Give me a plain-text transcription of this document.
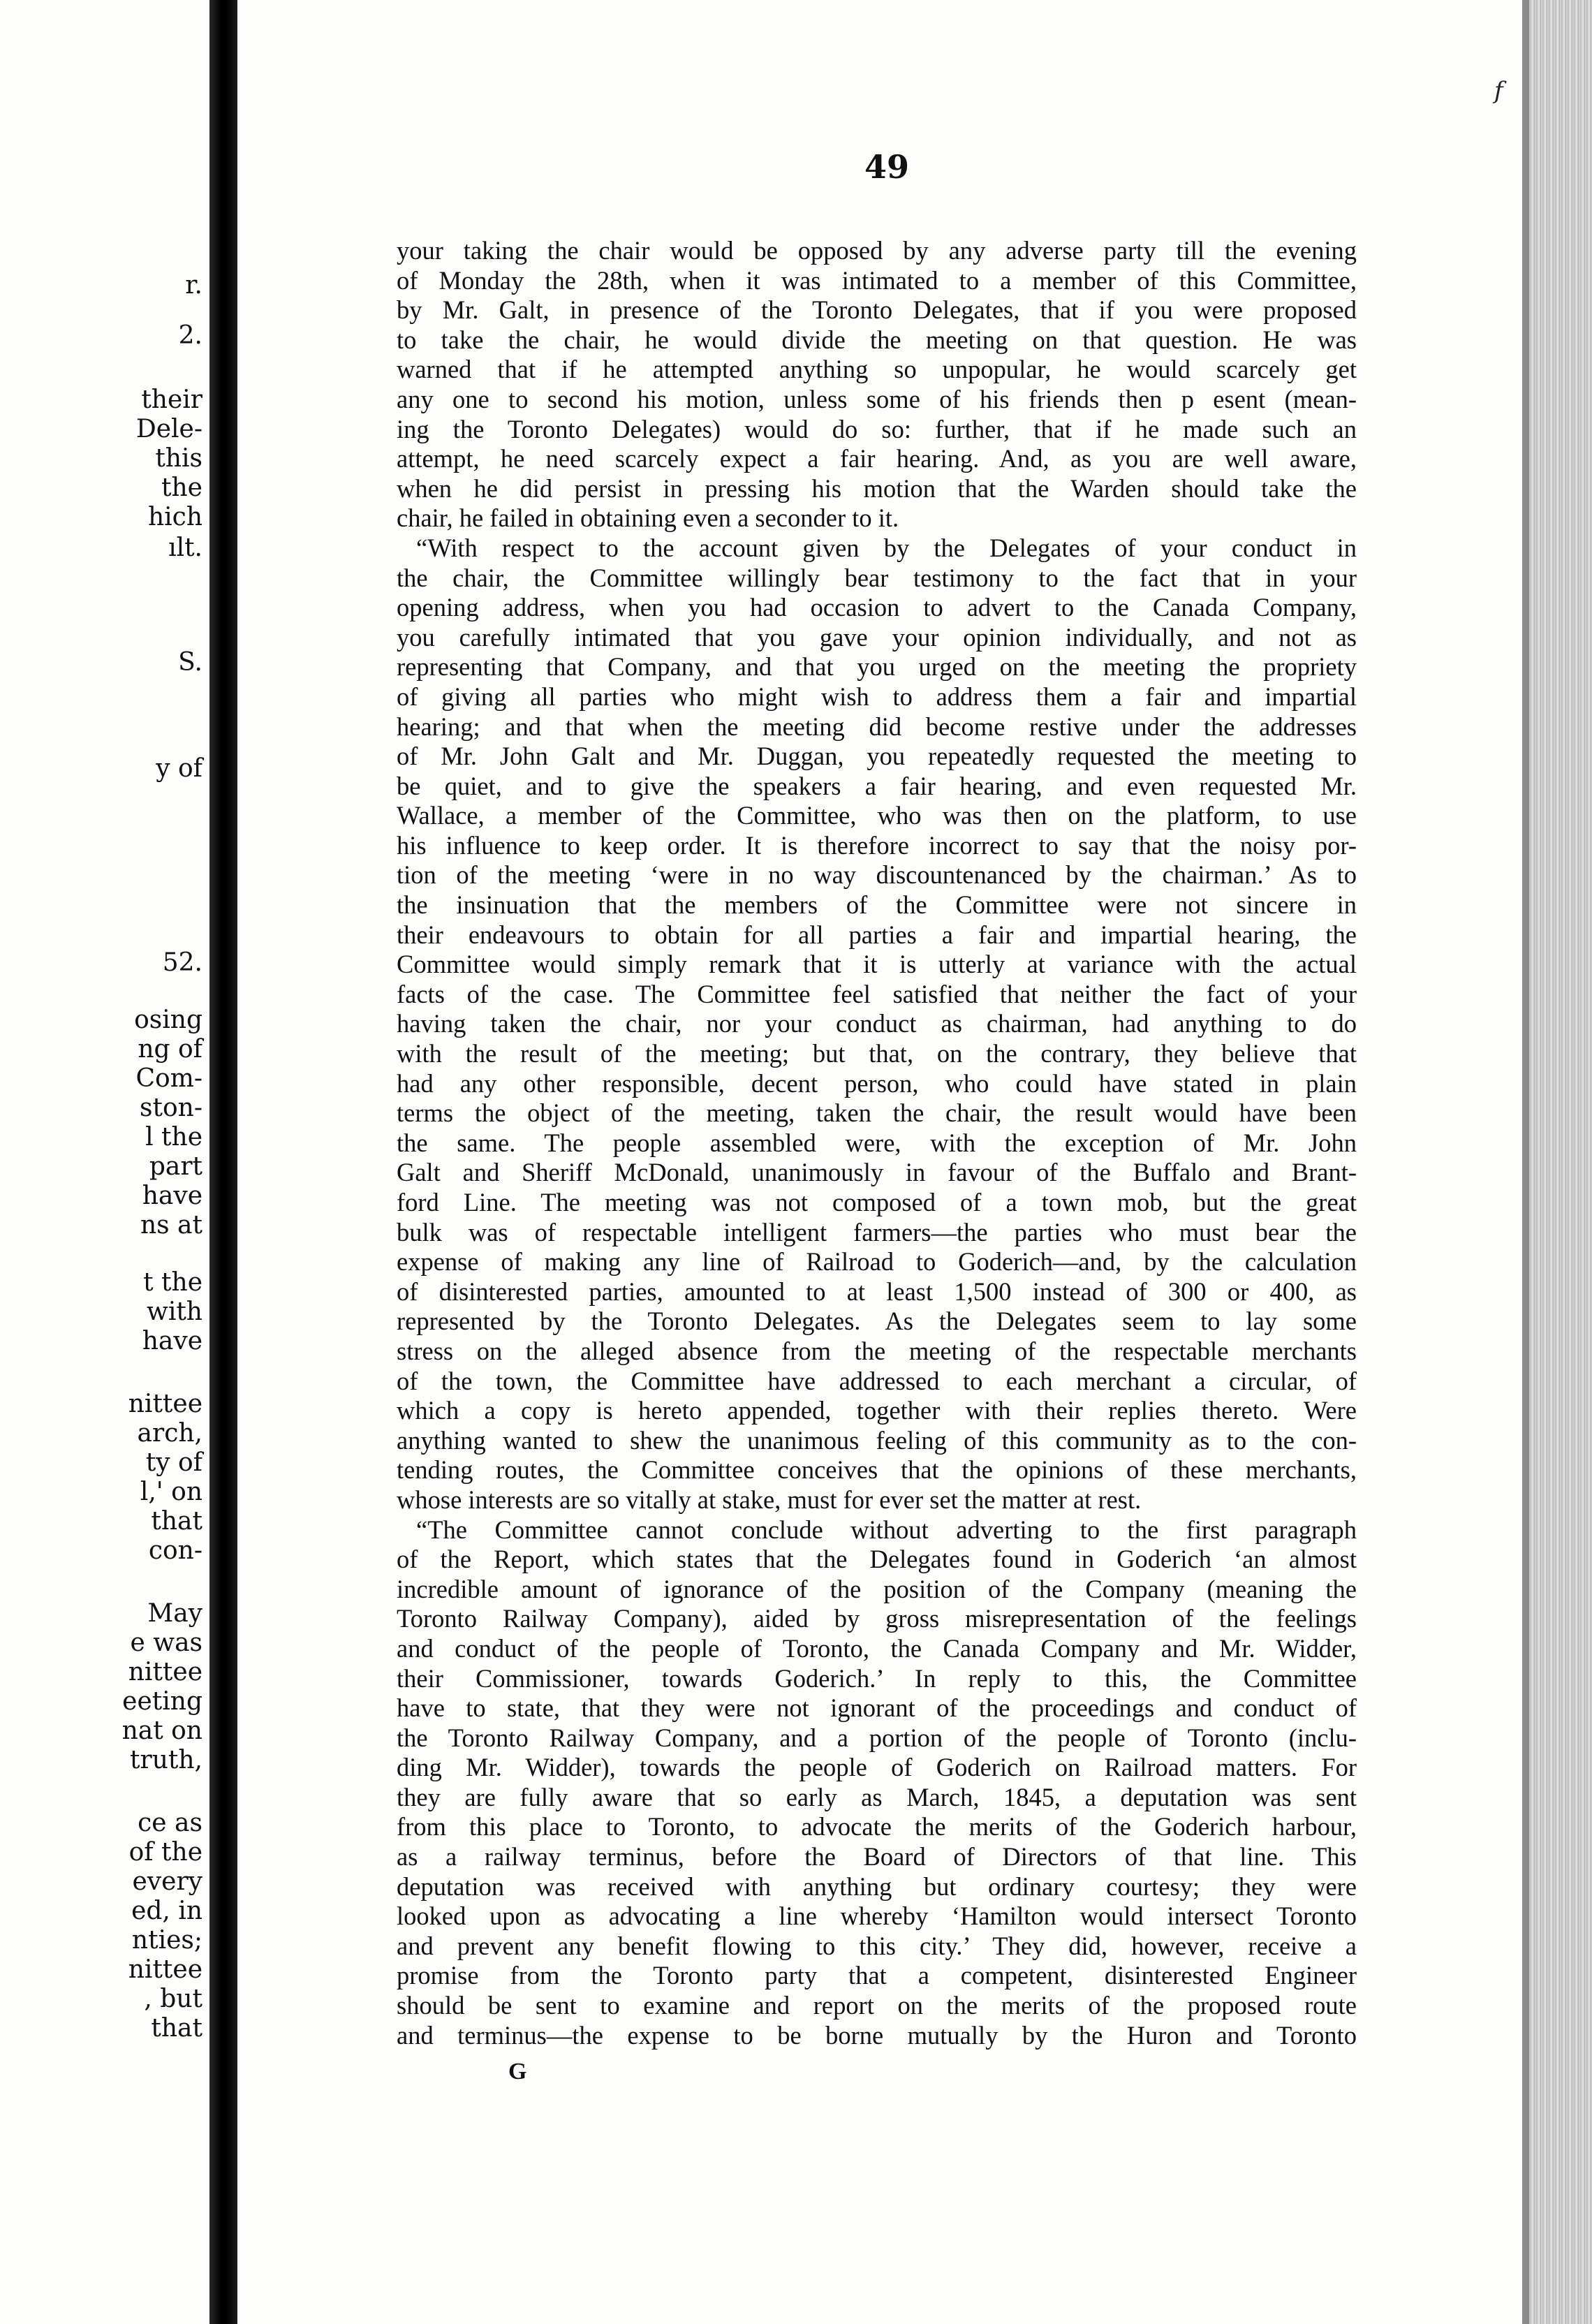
r.
2.
their
Dele-
this
the
hich
ılt.
S.
y of
52.
osing
ng of
Com-
ston-
l the
part
have
ns at
t the
with
have
nittee
arch,
ty of
l,' on
that
con-
May
e was
nittee
eeting
nat on
truth,
ce as
of the
every
ed, in
nties;
nittee
, but
that
f
49
your taking the chair would be opposed by any adverse party till the evening
of Monday the 28th, when it was intimated to a member of this Committee,
by Mr. Galt, in presence of the Toronto Delegates, that if you were proposed
to take the chair, he would divide the meeting on that question. He was
warned that if he attempted anything so unpopular, he would scarcely get
any one to second his motion, unless some of his friends then p esent (mean-
ing the Toronto Delegates) would do so: further, that if he made such an
attempt, he need scarcely expect a fair hearing. And, as you are well aware,
when he did persist in pressing his motion that the Warden should take the
chair, he failed in obtaining even a seconder to it.
“With respect to the account given by the Delegates of your conduct in
the chair, the Committee willingly bear testimony to the fact that in your
opening address, when you had occasion to advert to the Canada Company,
you carefully intimated that you gave your opinion individually, and not as
representing that Company, and that you urged on the meeting the propriety
of giving all parties who might wish to address them a fair and impartial
hearing; and that when the meeting did become restive under the addresses
of Mr. John Galt and Mr. Duggan, you repeatedly requested the meeting to
be quiet, and to give the speakers a fair hearing, and even requested Mr.
Wallace, a member of the Committee, who was then on the platform, to use
his influence to keep order. It is therefore incorrect to say that the noisy por-
tion of the meeting ‘were in no way discountenanced by the chairman.’ As to
the insinuation that the members of the Committee were not sincere in
their endeavours to obtain for all parties a fair and impartial hearing, the
Committee would simply remark that it is utterly at variance with the actual
facts of the case. The Committee feel satisfied that neither the fact of your
having taken the chair, nor your conduct as chairman, had anything to do
with the result of the meeting; but that, on the contrary, they believe that
had any other responsible, decent person, who could have stated in plain
terms the object of the meeting, taken the chair, the result would have been
the same. The people assembled were, with the exception of Mr. John
Galt and Sheriff McDonald, unanimously in favour of the Buffalo and Brant-
ford Line. The meeting was not composed of a town mob, but the great
bulk was of respectable intelligent farmers—the parties who must bear the
expense of making any line of Railroad to Goderich—and, by the calculation
of disinterested parties, amounted to at least 1,500 instead of 300 or 400, as
represented by the Toronto Delegates. As the Delegates seem to lay some
stress on the alleged absence from the meeting of the respectable merchants
of the town, the Committee have addressed to each merchant a circular, of
which a copy is hereto appended, together with their replies thereto. Were
anything wanted to shew the unanimous feeling of this community as to the con-
tending routes, the Committee conceives that the opinions of these merchants,
whose interests are so vitally at stake, must for ever set the matter at rest.
“The Committee cannot conclude without adverting to the first paragraph
of the Report, which states that the Delegates found in Goderich ‘an almost
incredible amount of ignorance of the position of the Company (meaning the
Toronto Railway Company), aided by gross misrepresentation of the feelings
and conduct of the people of Toronto, the Canada Company and Mr. Widder,
their Commissioner, towards Goderich.’ In reply to this, the Committee
have to state, that they were not ignorant of the proceedings and conduct of
the Toronto Railway Company, and a portion of the people of Toronto (inclu-
ding Mr. Widder), towards the people of Goderich on Railroad matters. For
they are fully aware that so early as March, 1845, a deputation was sent
from this place to Toronto, to advocate the merits of the Goderich harbour,
as a railway terminus, before the Board of Directors of that line. This
deputation was received with anything but ordinary courtesy; they were
looked upon as advocating a line whereby ‘Hamilton would intersect Toronto
and prevent any benefit flowing to this city.’ They did, however, receive a
promise from the Toronto party that a competent, disinterested Engineer
should be sent to examine and report on the merits of the proposed route
and terminus—the expense to be borne mutually by the Huron and Toronto
G
